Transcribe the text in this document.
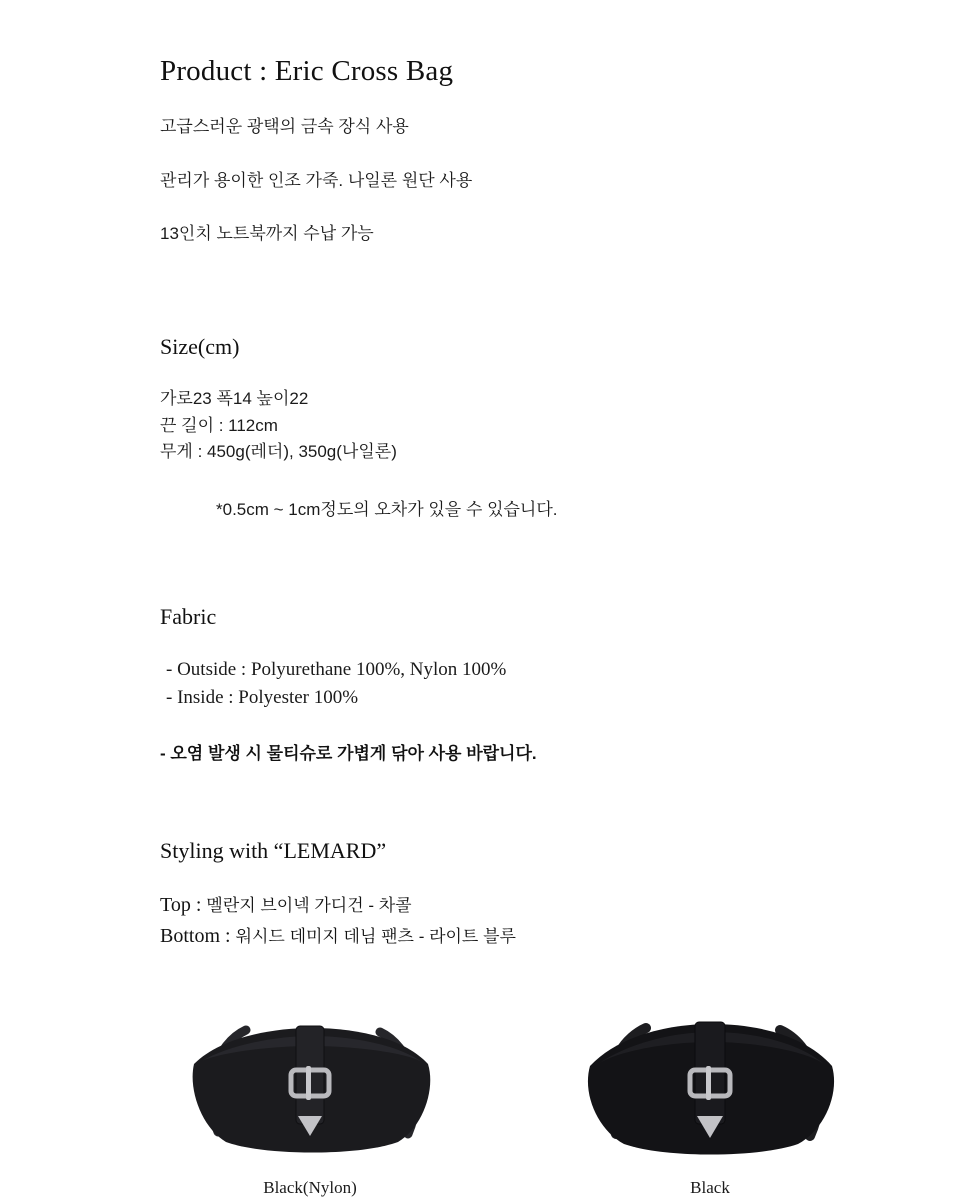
Product : Eric Cross Bag

고급스러운 광택의 금속 장식 사용

관리가 용이한 인조 가죽. 나일론 원단 사용

13인치 노트북까지 수납 가능

Size(cm)
가로23 폭14 높이22
끈 길이 : 112cm
무게 : 450g(레더), 350g(나일론)
*0.5cm ~ 1cm정도의 오차가 있을 수 있습니다.
Fabric
- Outside : Polyurethane 100%, Nylon 100%
- Inside : Polyester 100%
- 오염 발생 시 물티슈로 가볍게 닦아 사용 바랍니다.
Styling with “LEMARD”
Top : 멜란지 브이넥 가디건 - 차콜
Bottom : 워시드 데미지 데님 팬츠 - 라이트 블루
Black(Nylon)	Black
